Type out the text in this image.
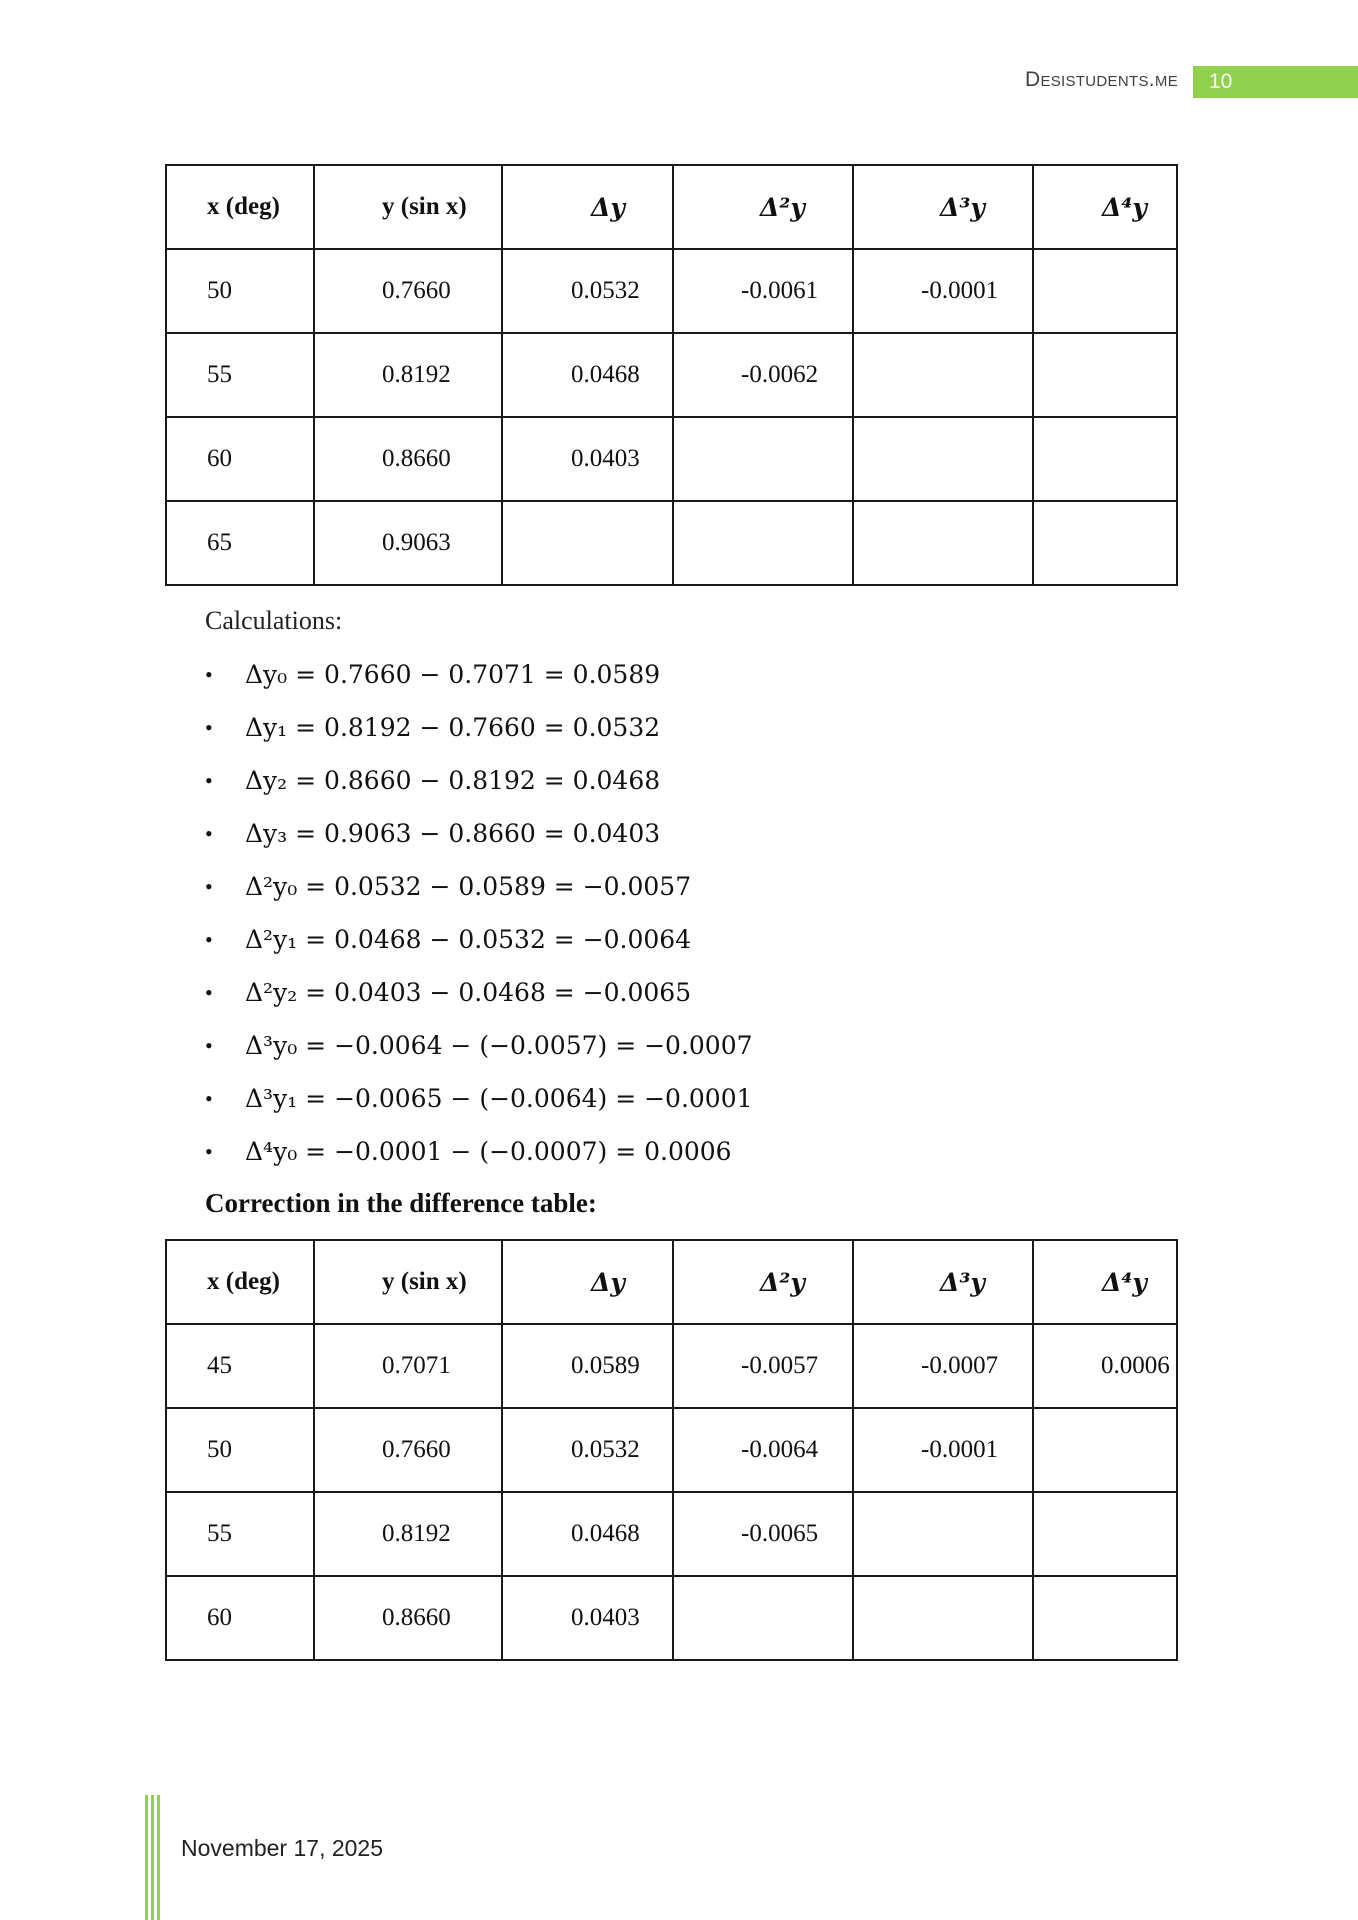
Desistudents.me	10
x (deg)	y (sin x)	Δy	Δ²y	Δ³y	Δ⁴y
50	0.7660	0.0532	-0.0061	-0.0001	
55	0.8192	0.0468	-0.0062		
60	0.8660	0.0403			
65	0.9063				
Calculations:
• Δy₀ = 0.7660 − 0.7071 = 0.0589
• Δy₁ = 0.8192 − 0.7660 = 0.0532
• Δy₂ = 0.8660 − 0.8192 = 0.0468
• Δy₃ = 0.9063 − 0.8660 = 0.0403
• Δ²y₀ = 0.0532 − 0.0589 = −0.0057
• Δ²y₁ = 0.0468 − 0.0532 = −0.0064
• Δ²y₂ = 0.0403 − 0.0468 = −0.0065
• Δ³y₀ = −0.0064 − (−0.0057) = −0.0007
• Δ³y₁ = −0.0065 − (−0.0064) = −0.0001
• Δ⁴y₀ = −0.0001 − (−0.0007) = 0.0006
Correction in the difference table:
x (deg)	y (sin x)	Δy	Δ²y	Δ³y	Δ⁴y
45	0.7071	0.0589	-0.0057	-0.0007	0.0006
50	0.7660	0.0532	-0.0064	-0.0001	
55	0.8192	0.0468	-0.0065		
60	0.8660	0.0403			
November 17, 2025
